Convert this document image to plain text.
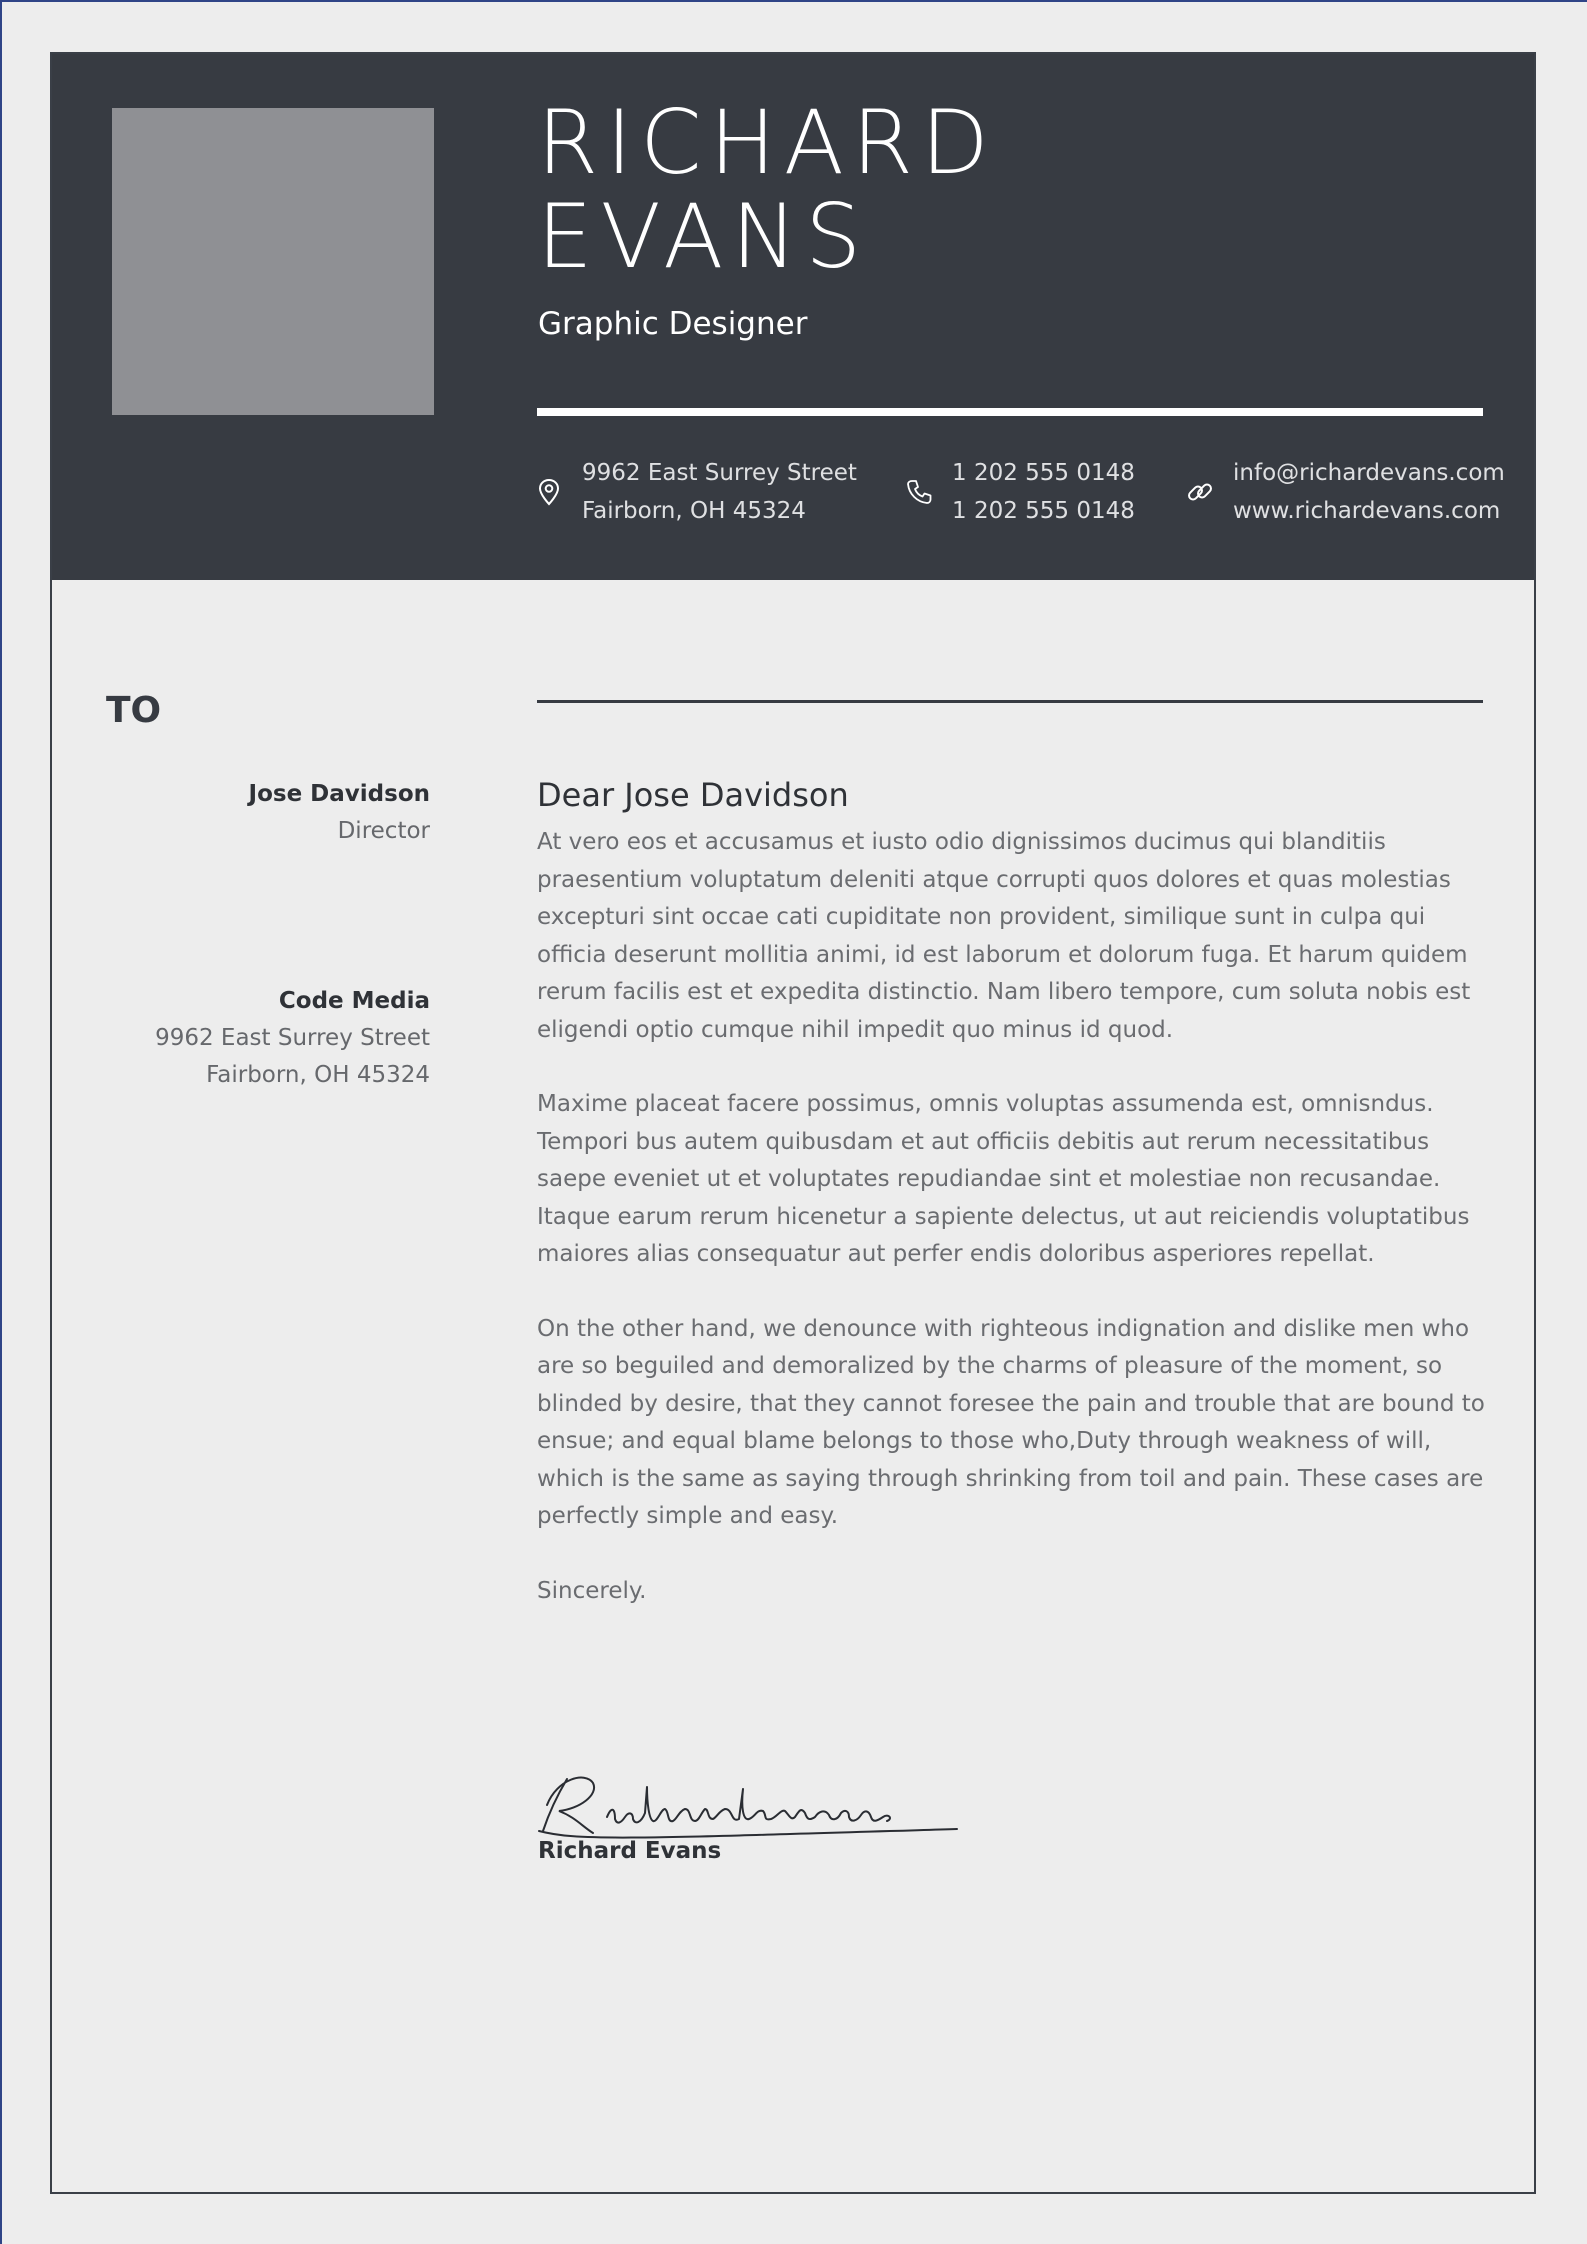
RICHARD
EVANS

Graphic Designer

9962 East Surrey Street
Fairborn, OH 45324
1 202 555 0148
1 202 555 0148
info@richardevans.com
www.richardevans.com
TO
Jose Davidson
Director
Code Media
9962 East Surrey Street
Fairborn, OH 45324
Dear Jose Davidson

At vero eos et accusamus et iusto odio dignissimos ducimus qui blanditiis praesentium voluptatum deleniti atque corrupti quos dolores et quas molestias excepturi sint occae cati cupiditate non provident, similique sunt in culpa qui officia deserunt mollitia animi, id est laborum et dolorum fuga. Et harum quidem rerum facilis est et expedita distinctio. Nam libero tempore, cum soluta nobis est eligendi optio cumque nihil impedit quo minus id quod.

Maxime placeat facere possimus, omnis voluptas assumenda est, omnisndus. Tempori bus autem quibusdam et aut officiis debitis aut rerum necessitatibus saepe eveniet ut et voluptates repudiandae sint et molestiae non recusandae. Itaque earum rerum hicenetur a sapiente delectus, ut aut reiciendis voluptatibus maiores alias consequatur aut perfer endis doloribus asperiores repellat.

On the other hand, we denounce with righteous indignation and dislike men who are so beguiled and demoralized by the charms of pleasure of the moment, so blinded by desire, that they cannot foresee the pain and trouble that are bound to ensue; and equal blame belongs to those who,Duty through weakness of will, which is the same as saying through shrinking from toil and pain. These cases are perfectly simple and easy.

Sincerely.

Richard Evans
